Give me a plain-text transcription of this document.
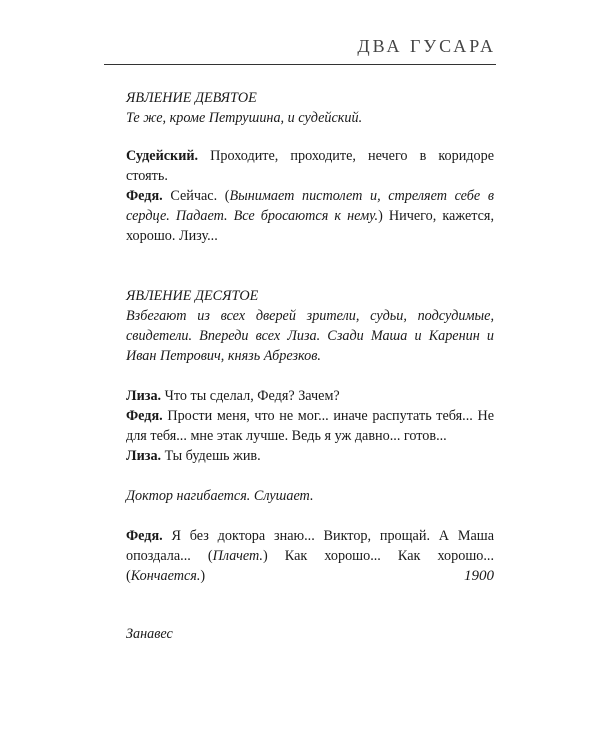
ДВА ГУСАРА
ЯВЛЕНИЕ ДЕВЯТОЕ
Те же, кроме Петрушина, и судейский.
Судейский. Проходите, проходите, нечего в коридоре стоять.
Федя. Сейчас. (Вынимает пистолет и, стреляет себе в сердце. Падает. Все бросаются к нему.) Ничего, кажется, хорошо. Лизу...
ЯВЛЕНИЕ ДЕСЯТОЕ
Взбегают из всех дверей зрители, судьи, подсудимые, свидетели. Впереди всех Лиза. Сзади Маша и Каренин и Иван Петрович, князь Абрезков.
Лиза. Что ты сделал, Федя? Зачем?
Федя. Прости меня, что не мог... иначе распутать тебя... Не для тебя... мне этак лучше. Ведь я уж давно... готов...
Лиза. Ты будешь жив.
Доктор нагибается. Слушает.
Федя. Я без доктора знаю... Виктор, прощай. А Маша опоздала... (Плачет.) Как хорошо... Как хорошо... (Кончается.)
Занавес
1900
